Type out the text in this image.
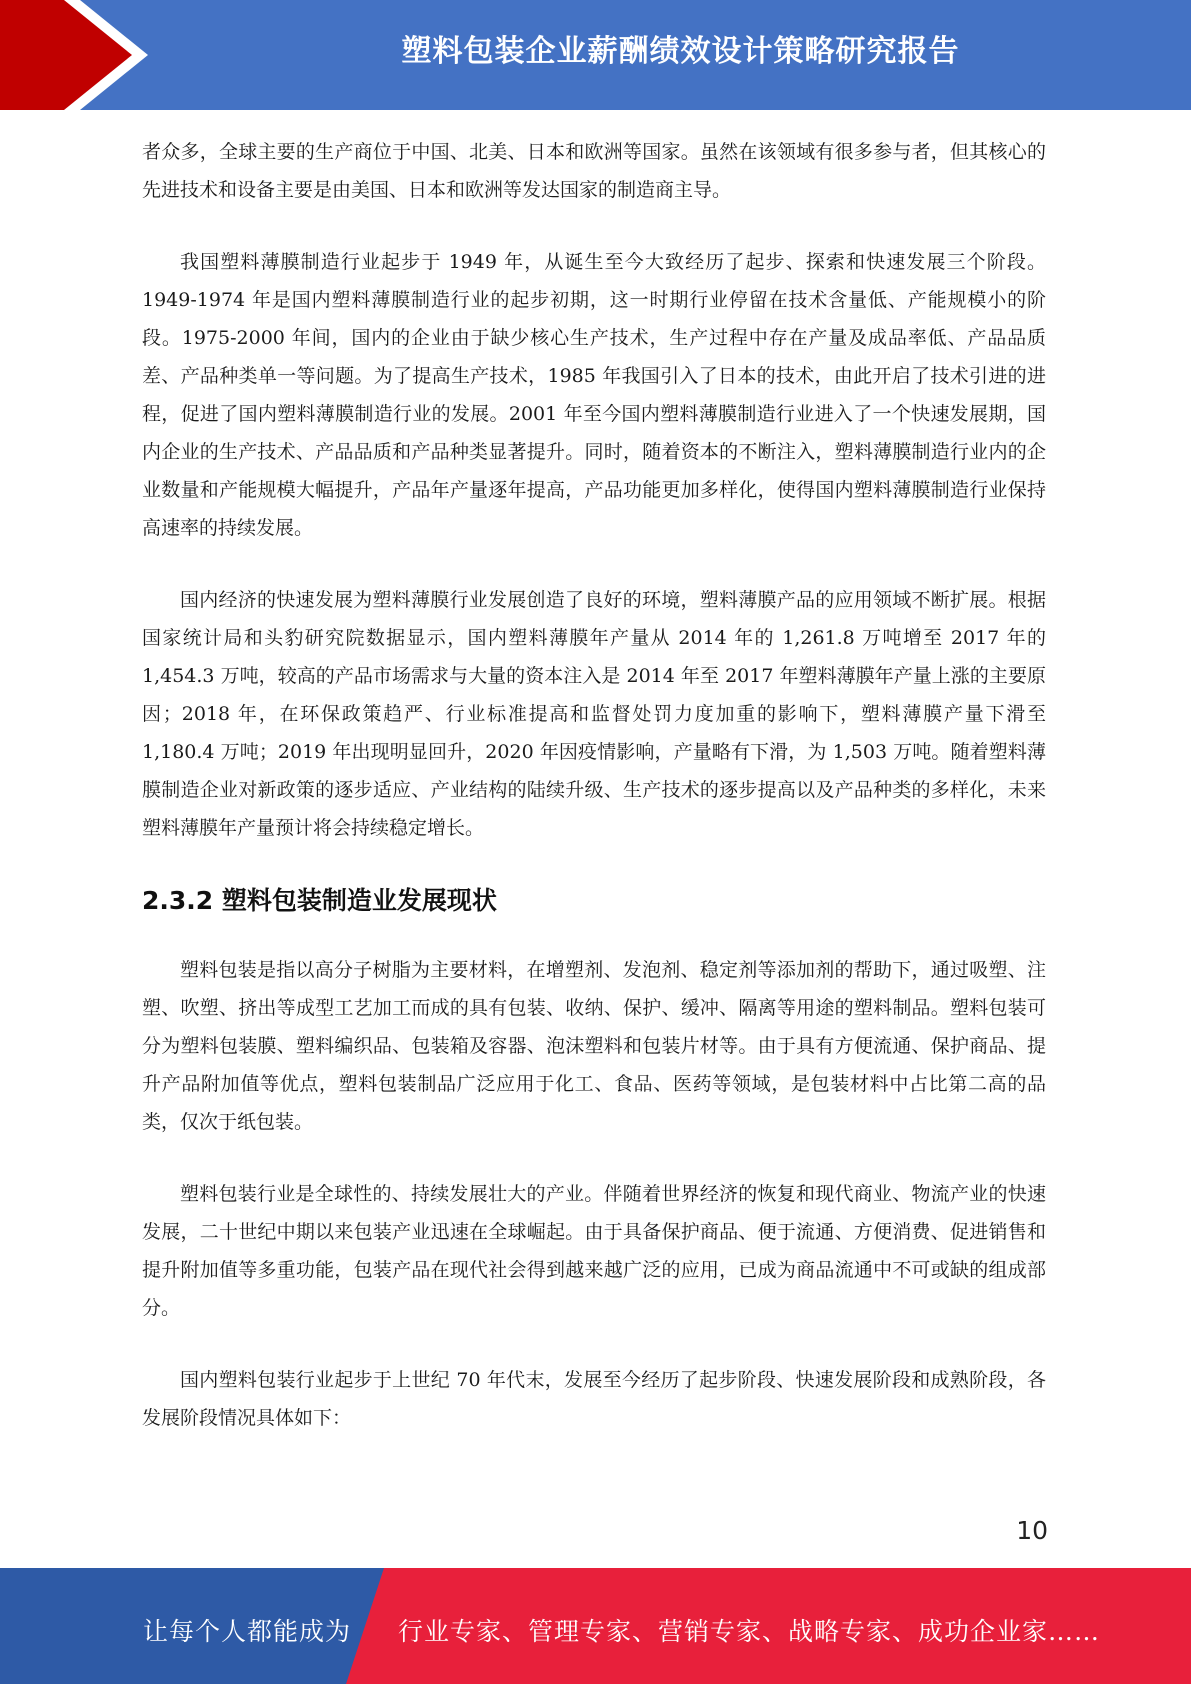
塑料包装企业薪酬绩效设计策略研究报告

者众多，全球主要的生产商位于中国、北美、日本和欧洲等国家。虽然在该领域有很多参与者，但其核心的先进技术和设备主要是由美国、日本和欧洲等发达国家的制造商主导。

我国塑料薄膜制造行业起步于 1949 年，从诞生至今大致经历了起步、探索和快速发展三个阶段。1949-1974 年是国内塑料薄膜制造行业的起步初期，这一时期行业停留在技术含量低、产能规模小的阶段。1975-2000 年间，国内的企业由于缺少核心生产技术，生产过程中存在产量及成品率低、产品品质差、产品种类单一等问题。为了提高生产技术，1985 年我国引入了日本的技术，由此开启了技术引进的进程，促进了国内塑料薄膜制造行业的发展。2001 年至今国内塑料薄膜制造行业进入了一个快速发展期，国内企业的生产技术、产品品质和产品种类显著提升。同时，随着资本的不断注入，塑料薄膜制造行业内的企业数量和产能规模大幅提升，产品年产量逐年提高，产品功能更加多样化，使得国内塑料薄膜制造行业保持高速率的持续发展。

国内经济的快速发展为塑料薄膜行业发展创造了良好的环境，塑料薄膜产品的应用领域不断扩展。根据国家统计局和头豹研究院数据显示，国内塑料薄膜年产量从 2014 年的 1,261.8 万吨增至 2017 年的 1,454.3 万吨，较高的产品市场需求与大量的资本注入是 2014 年至 2017 年塑料薄膜年产量上涨的主要原因；2018 年，在环保政策趋严、行业标准提高和监督处罚力度加重的影响下，塑料薄膜产量下滑至 1,180.4 万吨；2019 年出现明显回升，2020 年因疫情影响，产量略有下滑，为 1,503 万吨。随着塑料薄膜制造企业对新政策的逐步适应、产业结构的陆续升级、生产技术的逐步提高以及产品种类的多样化，未来塑料薄膜年产量预计将会持续稳定增长。

2.3.2 塑料包装制造业发展现状

塑料包装是指以高分子树脂为主要材料，在增塑剂、发泡剂、稳定剂等添加剂的帮助下，通过吸塑、注塑、吹塑、挤出等成型工艺加工而成的具有包装、收纳、保护、缓冲、隔离等用途的塑料制品。塑料包装可分为塑料包装膜、塑料编织品、包装箱及容器、泡沫塑料和包装片材等。由于具有方便流通、保护商品、提升产品附加值等优点，塑料包装制品广泛应用于化工、食品、医药等领域，是包装材料中占比第二高的品类，仅次于纸包装。

塑料包装行业是全球性的、持续发展壮大的产业。伴随着世界经济的恢复和现代商业、物流产业的快速发展，二十世纪中期以来包装产业迅速在全球崛起。由于具备保护商品、便于流通、方便消费、促进销售和提升附加值等多重功能，包装产品在现代社会得到越来越广泛的应用，已成为商品流通中不可或缺的组成部分。

国内塑料包装行业起步于上世纪 70 年代末，发展至今经历了起步阶段、快速发展阶段和成熟阶段，各发展阶段情况具体如下：

10
让每个人都能成为 行业专家、管理专家、营销专家、战略专家、成功企业家……
